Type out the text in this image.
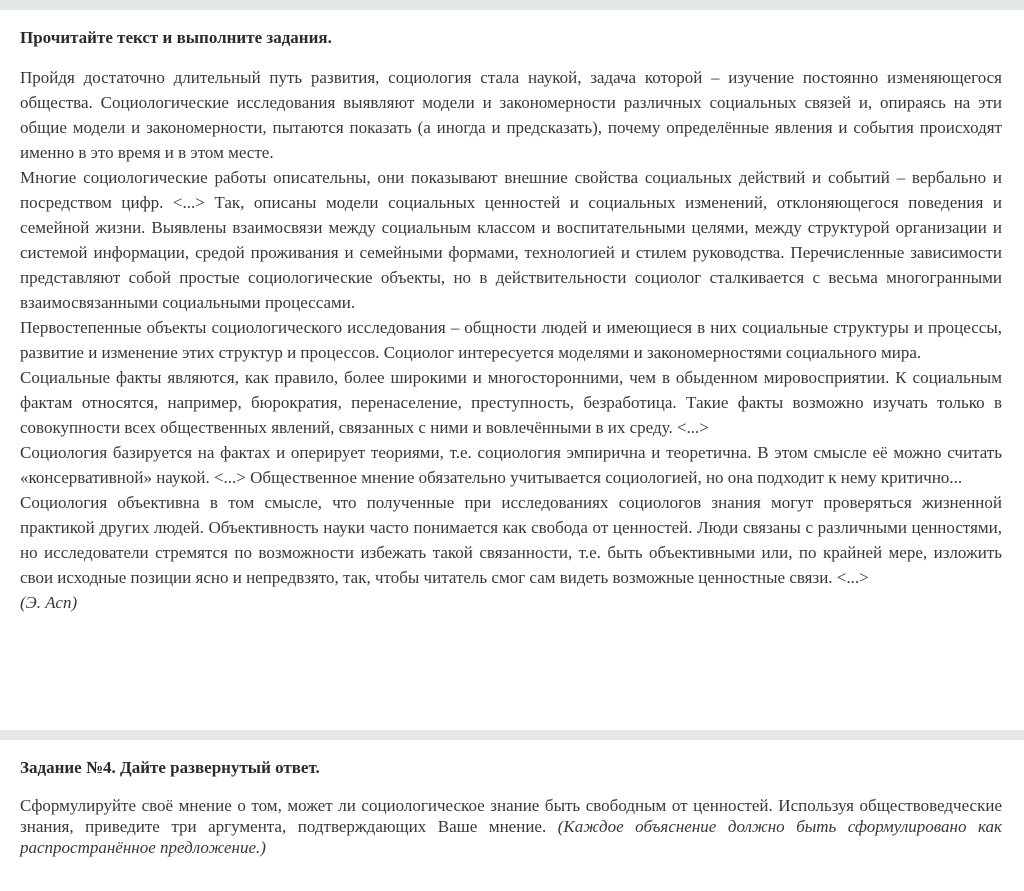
Прочитайте текст и выполните задания.

Пройдя достаточно длительный путь развития, социология стала наукой, задача которой – изучение постоянно изменяющегося общества. Социологические исследования выявляют модели и закономерности различных социальных связей и, опираясь на эти общие модели и закономерности, пытаются показать (а иногда и предсказать), почему определённые явления и события происходят именно в это время и в этом месте.

Многие социологические работы описательны, они показывают внешние свойства социальных действий и событий – вербально и посредством цифр. <...> Так, описаны модели социальных ценностей и социальных изменений, отклоняющегося поведения и семейной жизни. Выявлены взаимосвязи между социальным классом и воспитательными целями, между структурой организации и системой информации, средой проживания и семейными формами, технологией и стилем руководства. Перечисленные зависимости представляют собой простые социологические объекты, но в действительности социолог сталкивается с весьма многогранными взаимосвязанными социальными процессами.

Первостепенные объекты социологического исследования – общности людей и имеющиеся в них социальные структуры и процессы, развитие и изменение этих структур и процессов. Социолог интересуется моделями и закономерностями социального мира.

Социальные факты являются, как правило, более широкими и многосторонними, чем в обыденном мировосприятии. К социальным фактам относятся, например, бюрократия, перенаселение, преступность, безработица. Такие факты возможно изучать только в совокупности всех общественных явлений, связанных с ними и вовлечёнными в их среду. <...>

Социология базируется на фактах и оперирует теориями, т.е. социология эмпирична и теоретична. В этом смысле её можно считать «консервативной» наукой. <...> Общественное мнение обязательно учитывается социологией, но она подходит к нему критично...

Социология объективна в том смысле, что полученные при исследованиях социологов знания могут проверяться жизненной практикой других людей. Объективность науки часто понимается как свобода от ценностей. Люди связаны с различными ценностями, но исследователи стремятся по возможности избежать такой связанности, т.е. быть объективными или, по крайней мере, изложить свои исходные позиции ясно и непредвзято, так, чтобы читатель смог сам видеть возможные ценностные связи. <...>

(Э. Асп)

Задание №4. Дайте развернутый ответ.

Сформулируйте своё мнение о том, может ли социологическое знание быть свободным от ценностей. Используя обществоведческие знания, приведите три аргумента, подтверждающих Ваше мнение. (Каждое объяснение должно быть сформулировано как распространённое предложение.)
